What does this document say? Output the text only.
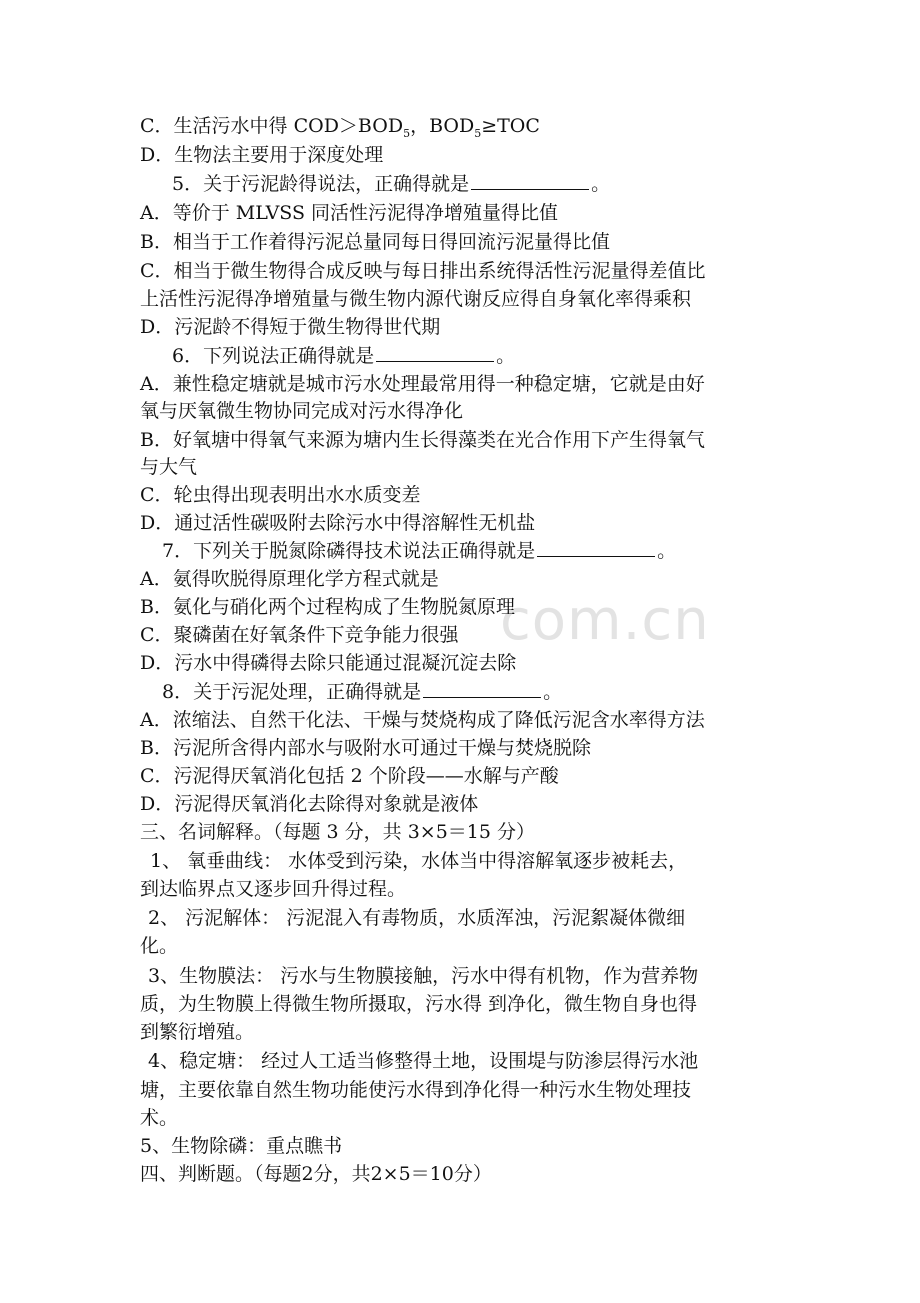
com.cn
C．生活污水中得 $COD>BOD_5$，$BOD_5\ge TOC$
D．生物法主要用于深度处理
5．关于污泥龄得说法，正确得就是	。
A．等价于 MLVSS 同活性污泥得净增殖量得比值
B．相当于工作着得污泥总量同每日得回流污泥量得比值
C．相当于微生物得合成反映与每日排出系统得活性污泥量得差值比
上活性污泥得净增殖量与微生物内源代谢反应得自身氧化率得乘积
D．污泥龄不得短于微生物得世代期
6．下列说法正确得就是	。
A．兼性稳定塘就是城市污水处理最常用得一种稳定塘，它就是由好
氧与厌氧微生物协同完成对污水得净化
B．好氧塘中得氧气来源为塘内生长得藻类在光合作用下产生得氧气
与大气
C．轮虫得出现表明出水水质变差
D．通过活性碳吸附去除污水中得溶解性无机盐
7．下列关于脱氮除磷得技术说法正确得就是	。
A．氨得吹脱得原理化学方程式就是
B．氨化与硝化两个过程构成了生物脱氮原理
C．聚磷菌在好氧条件下竞争能力很强
D．污水中得磷得去除只能通过混凝沉淀去除
8．关于污泥处理，正确得就是	。
A．浓缩法、自然干化法、干燥与焚烧构成了降低污泥含水率得方法
B．污泥所含得内部水与吸附水可通过干燥与焚烧脱除
C．污泥得厌氧消化包括 2 个阶段——水解与产酸
D．污泥得厌氧消化去除得对象就是液体
三、名词解释。（每题 3 分，共 3×5＝15 分）
1、 氧垂曲线： 水体受到污染，水体当中得溶解氧逐步被耗去，
到达临界点又逐步回升得过程。
2、 污泥解体： 污泥混入有毒物质，水质浑浊，污泥絮凝体微细
化。
3、生物膜法： 污水与生物膜接触，污水中得有机物，作为营养物
质，为生物膜上得微生物所摄取，污水得 到净化，微生物自身也得
到繁衍增殖。
4、稳定塘： 经过人工适当修整得土地，设围堤与防渗层得污水池
塘，主要依靠自然生物功能使污水得到净化得一种污水生物处理技
术。
5、生物除磷：重点瞧书
四、判断题。（每题2分，共2×5＝10分）
